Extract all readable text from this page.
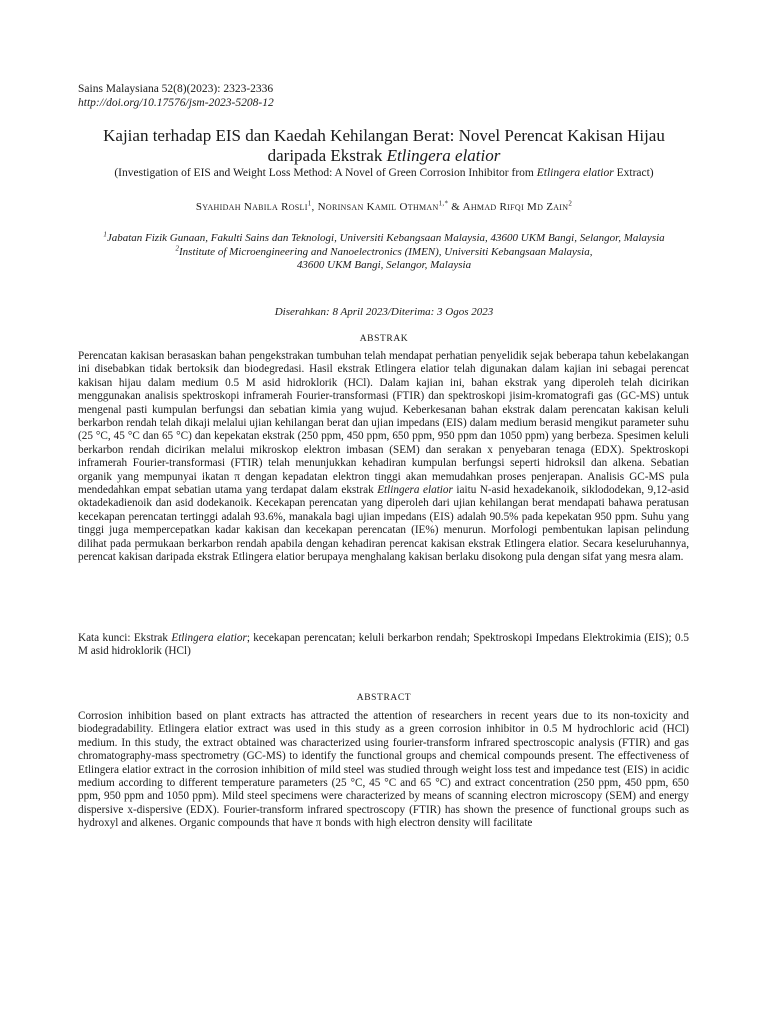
Sains Malaysiana 52(8)(2023): 2323-2336
http://doi.org/10.17576/jsm-2023-5208-12
Kajian terhadap EIS dan Kaedah Kehilangan Berat: Novel Perencat Kakisan Hijau
daripada Ekstrak Etlingera elatior
(Investigation of EIS and Weight Loss Method: A Novel of Green Corrosion Inhibitor from Etlingera elatior Extract)
Syahidah Nabila Rosli$^1$, Norinsan Kamil Othman$^{1,*}$ & Ahmad Rifqi Md Zain$^2$
$^1$Jabatan Fizik Gunaan, Fakulti Sains dan Teknologi, Universiti Kebangsaan Malaysia, 43600 UKM Bangi, Selangor, Malaysia
$^2$Institute of Microengineering and Nanoelectronics (IMEN), Universiti Kebangsaan Malaysia,
43600 UKM Bangi, Selangor, Malaysia
Diserahkan: 8 April 2023/Diterima: 3 Ogos 2023
ABSTRAK

Perencatan kakisan berasaskan bahan pengekstrakan tumbuhan telah mendapat perhatian penyelidik sejak beberapa tahun kebelakangan ini disebabkan tidak bertoksik dan biodegredasi. Hasil ekstrak Etlingera elatior telah digunakan dalam kajian ini sebagai perencat kakisan hijau dalam medium 0.5 M asid hidroklorik (HCl). Dalam kajian ini, bahan ekstrak yang diperoleh telah dicirikan menggunakan analisis spektroskopi inframerah Fourier-transformasi (FTIR) dan spektroskopi jisim-kromatografi gas (GC-MS) untuk mengenal pasti kumpulan berfungsi dan sebatian kimia yang wujud. Keberkesanan bahan ekstrak dalam perencatan kakisan keluli berkarbon rendah telah dikaji melalui ujian kehilangan berat dan ujian impedans (EIS) dalam medium berasid mengikut parameter suhu (25 °C, 45 °C dan 65 °C) dan kepekatan ekstrak (250 ppm, 450 ppm, 650 ppm, 950 ppm dan 1050 ppm) yang berbeza. Spesimen keluli berkarbon rendah dicirikan melalui mikroskop elektron imbasan (SEM) dan serakan x penyebaran tenaga (EDX). Spektroskopi inframerah Fourier-transformasi (FTIR) telah menunjukkan kehadiran kumpulan berfungsi seperti hidroksil dan alkena. Sebatian organik yang mempunyai ikatan π dengan kepadatan elektron tinggi akan memudahkan proses penjerapan. Analisis GC-MS pula mendedahkan empat sebatian utama yang terdapat dalam ekstrak Etlingera elatior iaitu N-asid hexadekanoik, siklododekan, 9,12-asid oktadekadienoik dan asid dodekanoik. Kecekapan perencatan yang diperoleh dari ujian kehilangan berat mendapati bahawa peratusan kecekapan perencatan tertinggi adalah 93.6%, manakala bagi ujian impedans (EIS) adalah 90.5% pada kepekatan 950 ppm. Suhu yang tinggi juga mempercepatkan kadar kakisan dan kecekapan perencatan (IE%) menurun. Morfologi pembentukan lapisan pelindung dilihat pada permukaan berkarbon rendah apabila dengan kehadiran perencat kakisan ekstrak Etlingera elatior. Secara keseluruhannya, perencat kakisan daripada ekstrak Etlingera elatior berupaya menghalang kakisan berlaku disokong pula dengan sifat yang mesra alam.

Kata kunci: Ekstrak Etlingera elatior; kecekapan perencatan; keluli berkarbon rendah; Spektroskopi Impedans Elektrokimia (EIS); 0.5 M asid hidroklorik (HCl)

ABSTRACT

Corrosion inhibition based on plant extracts has attracted the attention of researchers in recent years due to its non-toxicity and biodegradability. Etlingera elatior extract was used in this study as a green corrosion inhibitor in 0.5 M hydrochloric acid (HCl) medium. In this study, the extract obtained was characterized using fourier-transform infrared spectroscopic analysis (FTIR) and gas chromatography-mass spectrometry (GC-MS) to identify the functional groups and chemical compounds present. The effectiveness of Etlingera elatior extract in the corrosion inhibition of mild steel was studied through weight loss test and impedance test (EIS) in acidic medium according to different temperature parameters (25 °C, 45 °C and 65 °C) and extract concentration (250 ppm, 450 ppm, 650 ppm, 950 ppm and 1050 ppm). Mild steel specimens were characterized by means of scanning electron microscopy (SEM) and energy dispersive x-dispersive (EDX). Fourier-transform infrared spectroscopy (FTIR) has shown the presence of functional groups such as hydroxyl and alkenes. Organic compounds that have π bonds with high electron density will facilitate
